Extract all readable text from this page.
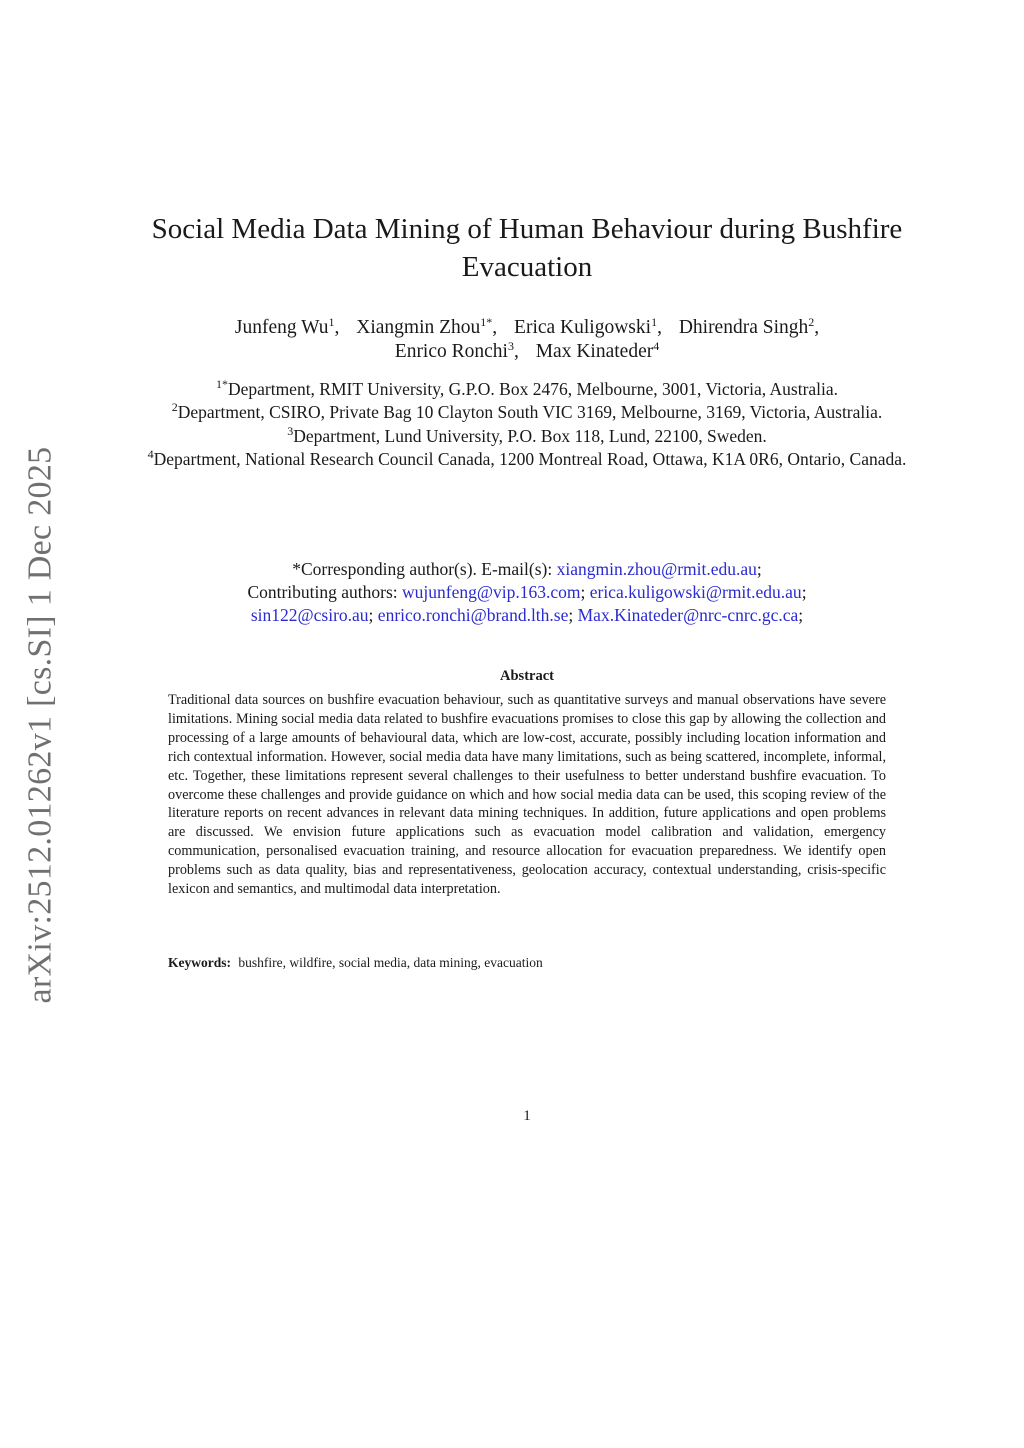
arXiv:2512.01262v1 [cs.SI] 1 Dec 2025
Social Media Data Mining of Human Behaviour during Bushfire Evacuation
Junfeng Wu$^1$, Xiangmin Zhou$^{1*}$, Erica Kuligowski$^1$, Dhirendra Singh$^2$,
Enrico Ronchi$^3$, Max Kinateder$^4$
$^{1*}$Department, RMIT University, G.P.O. Box 2476, Melbourne, 3001, Victoria, Australia.
$^2$Department, CSIRO, Private Bag 10 Clayton South VIC 3169, Melbourne, 3169, Victoria, Australia.
$^3$Department, Lund University, P.O. Box 118, Lund, 22100, Sweden.
$^4$Department, National Research Council Canada, 1200 Montreal Road, Ottawa, K1A 0R6, Ontario, Canada.
*Corresponding author(s). E-mail(s): xiangmin.zhou@rmit.edu.au;
Contributing authors: wujunfeng@vip.163.com; erica.kuligowski@rmit.edu.au;
sin122@csiro.au; enrico.ronchi@brand.lth.se; Max.Kinateder@nrc-cnrc.gc.ca;
Abstract
Traditional data sources on bushfire evacuation behaviour, such as quantitative surveys and manual observations have severe limitations. Mining social media data related to bushfire evacuations promises to close this gap by allowing the collection and processing of a large amounts of behavioural data, which are low-cost, accurate, possibly including location information and rich contextual information. However, social media data have many limitations, such as being scattered, incomplete, informal, etc. Together, these limitations represent several challenges to their usefulness to better understand bushfire evacuation. To overcome these challenges and provide guidance on which and how social media data can be used, this scoping review of the literature reports on recent advances in relevant data mining techniques. In addition, future applications and open problems are discussed. We envision future applications such as evacuation model calibration and validation, emergency communication, personalised evacuation training, and resource allocation for evacuation preparedness. We identify open problems such as data quality, bias and representativeness, geolocation accuracy, contextual understanding, crisis-specific lexicon and semantics, and multimodal data interpretation.
Keywords: bushfire, wildfire, social media, data mining, evacuation
1
